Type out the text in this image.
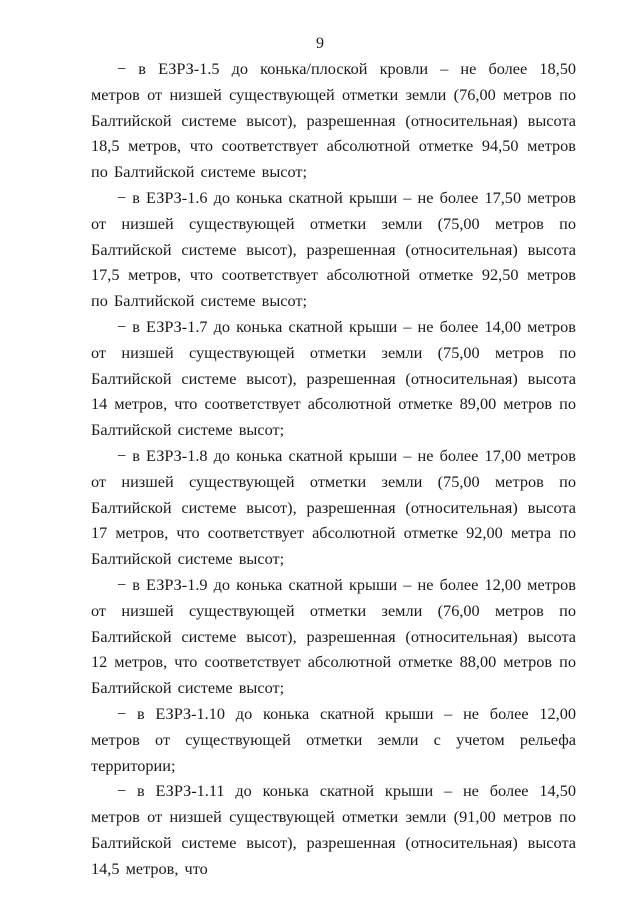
9

− в ЕЗРЗ-1.5 до конька/плоской кровли – не более 18,50 метров от низшей существующей отметки земли (76,00 метров по Балтийской системе высот), разрешенная (относительная) высота 18,5 метров, что соответствует абсолютной отметке 94,50 метров по Балтийской системе высот;

− в ЕЗРЗ-1.6 до конька скатной крыши – не более 17,50 метров от низшей существующей отметки земли (75,00 метров по Балтийской системе высот), разрешенная (относительная) высота 17,5 метров, что соответствует абсолютной отметке 92,50 метров по Балтийской системе высот;

− в ЕЗРЗ-1.7 до конька скатной крыши – не более 14,00 метров от низшей существующей отметки земли (75,00 метров по Балтийской системе высот), разрешенная (относительная) высота 14 метров, что соответствует абсолютной отметке 89,00 метров по Балтийской системе высот;

− в ЕЗРЗ-1.8 до конька скатной крыши – не более 17,00 метров от низшей существующей отметки земли (75,00 метров по Балтийской системе высот), разрешенная (относительная) высота 17 метров, что соответствует абсолютной отметке 92,00 метра по Балтийской системе высот;

− в ЕЗРЗ-1.9 до конька скатной крыши – не более 12,00 метров от низшей существующей отметки земли (76,00 метров по Балтийской системе высот), разрешенная (относительная) высота 12 метров, что соответствует абсолютной отметке 88,00 метров по Балтийской системе высот;

− в ЕЗРЗ-1.10 до конька скатной крыши – не более 12,00 метров от существующей отметки земли с учетом рельефа территории;

− в ЕЗРЗ-1.11 до конька скатной крыши – не более 14,50 метров от низшей существующей отметки земли (91,00 метров по Балтийской системе высот), разрешенная (относительная) высота 14,5 метров, что
